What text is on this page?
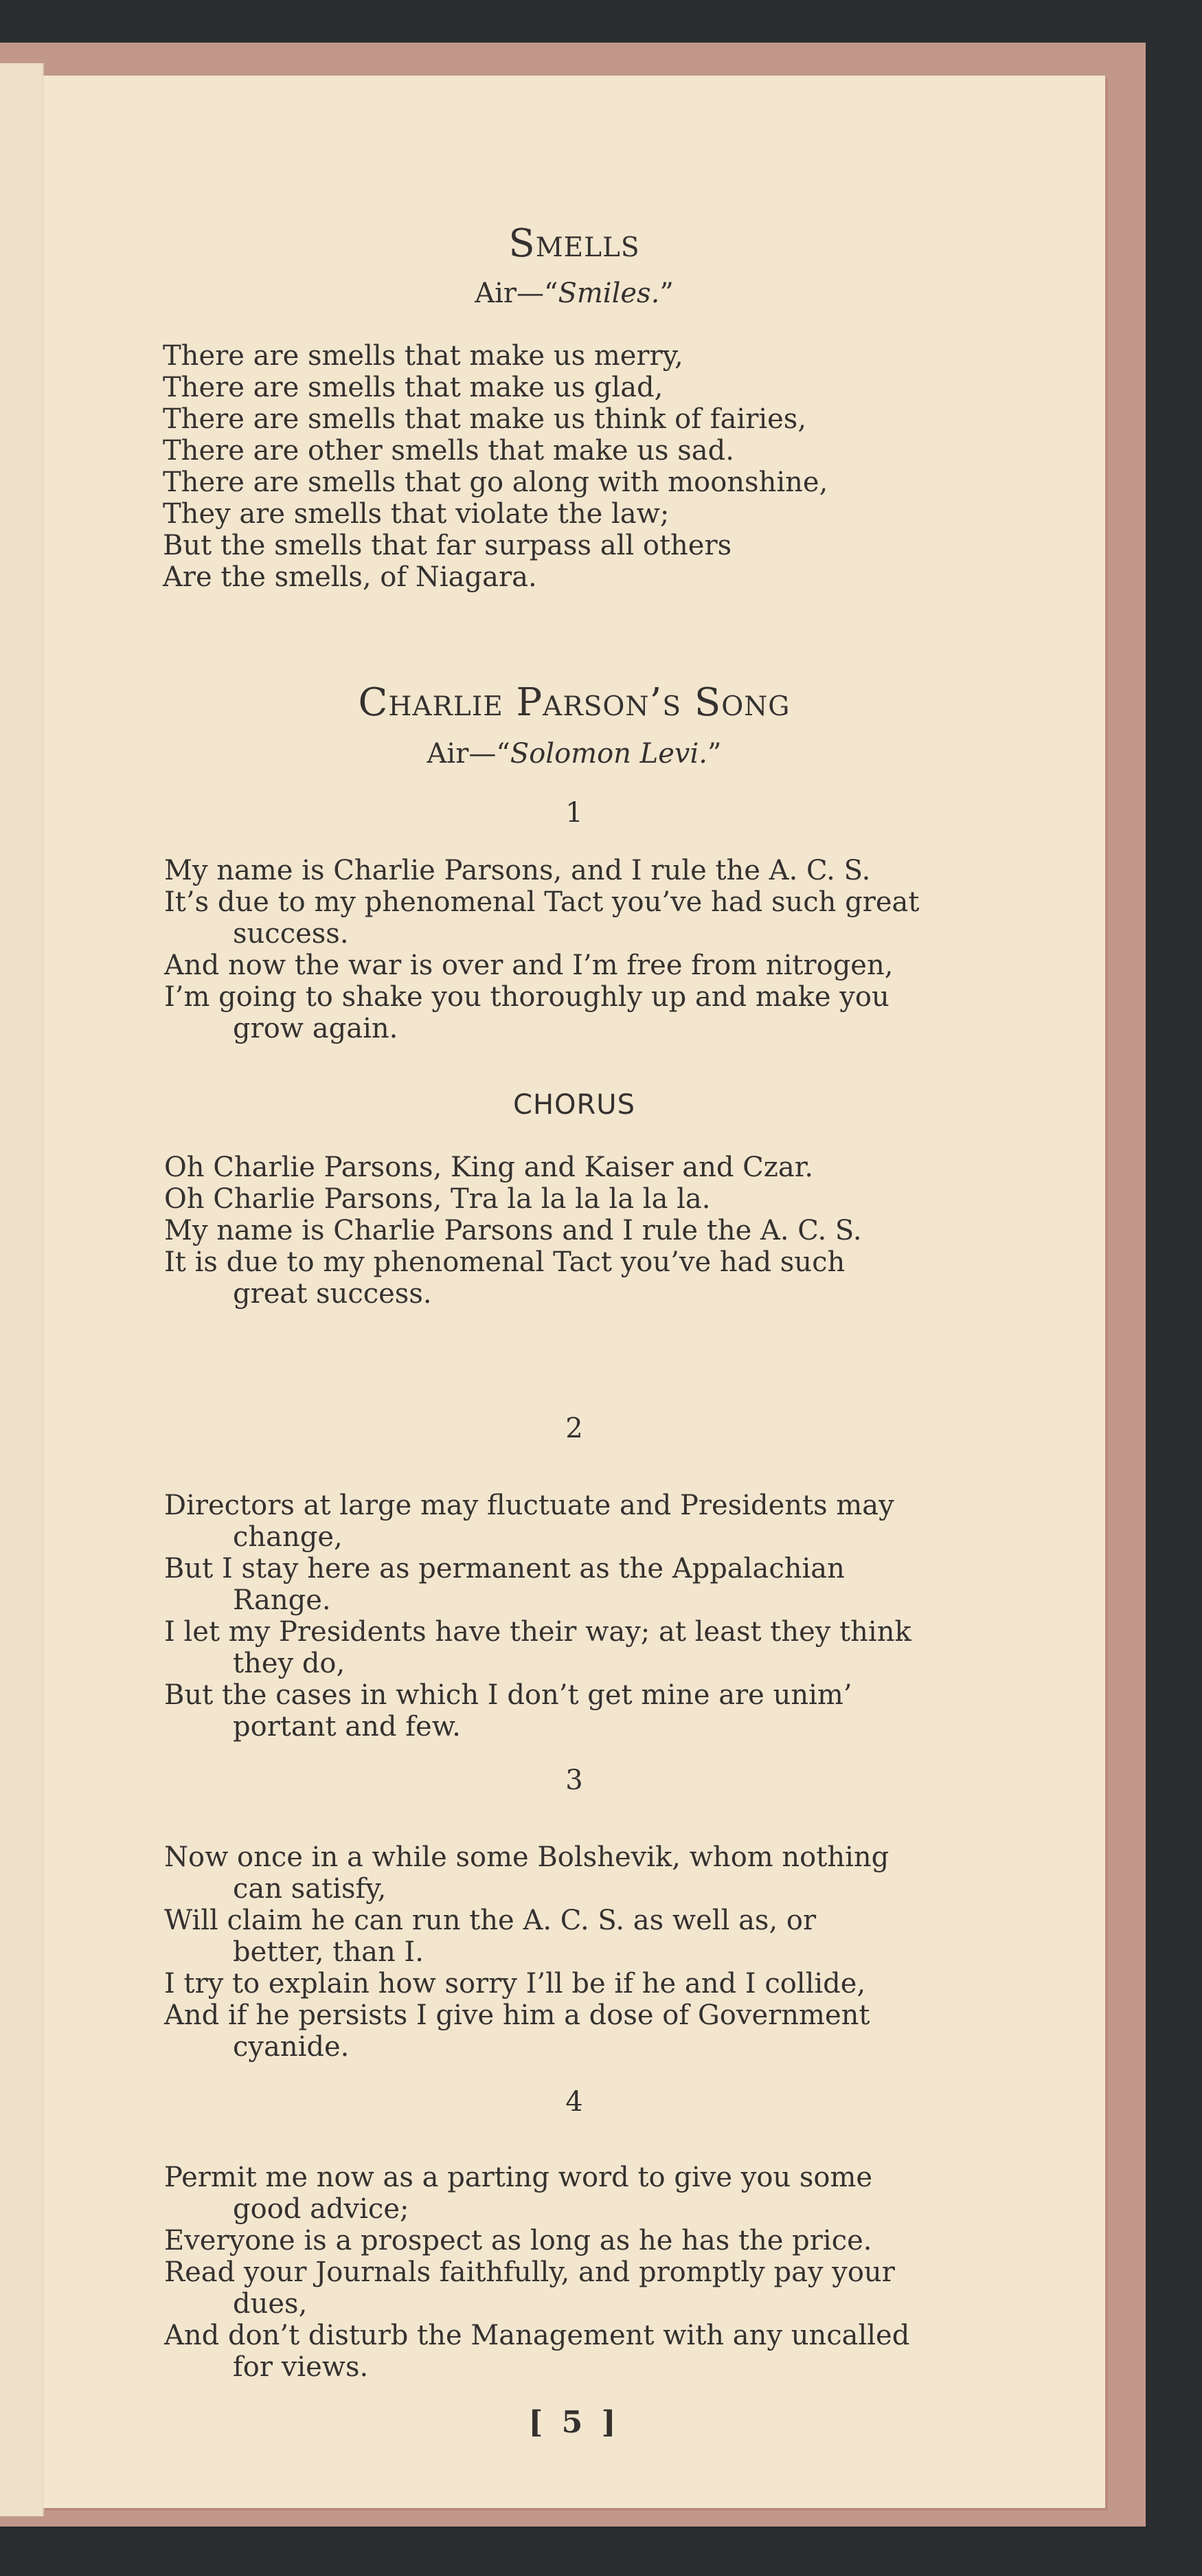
Smells
Air—“Smiles.”
There are smells that make us merry,
There are smells that make us glad,
There are smells that make us think of fairies,
There are other smells that make us sad.
There are smells that go along with moonshine,
They are smells that violate the law;
But the smells that far surpass all others
Are the smells, of Niagara.
Charlie Parson’s Song
Air—“Solomon Levi.”
1
My name is Charlie Parsons, and I rule the A. C. S.
It’s due to my phenomenal Tact you’ve had such great
success.
And now the war is over and I’m free from nitrogen,
I’m going to shake you thoroughly up and make you
grow again.
CHORUS
Oh Charlie Parsons, King and Kaiser and Czar.
Oh Charlie Parsons, Tra la la la la la la.
My name is Charlie Parsons and I rule the A. C. S.
It is due to my phenomenal Tact you’ve had such
great success.
2
Directors at large may fluctuate and Presidents may
change,
But I stay here as permanent as the Appalachian
Range.
I let my Presidents have their way; at least they think
they do,
But the cases in which I don’t get mine are unim’
portant and few.
3
Now once in a while some Bolshevik, whom nothing
can satisfy,
Will claim he can run the A. C. S. as well as, or
better, than I.
I try to explain how sorry I’ll be if he and I collide,
And if he persists I give him a dose of Government
cyanide.
4
Permit me now as a parting word to give you some
good advice;
Everyone is a prospect as long as he has the price.
Read your Journals faithfully, and promptly pay your
dues,
And don’t disturb the Management with any uncalled
for views.
[ 5 ]
